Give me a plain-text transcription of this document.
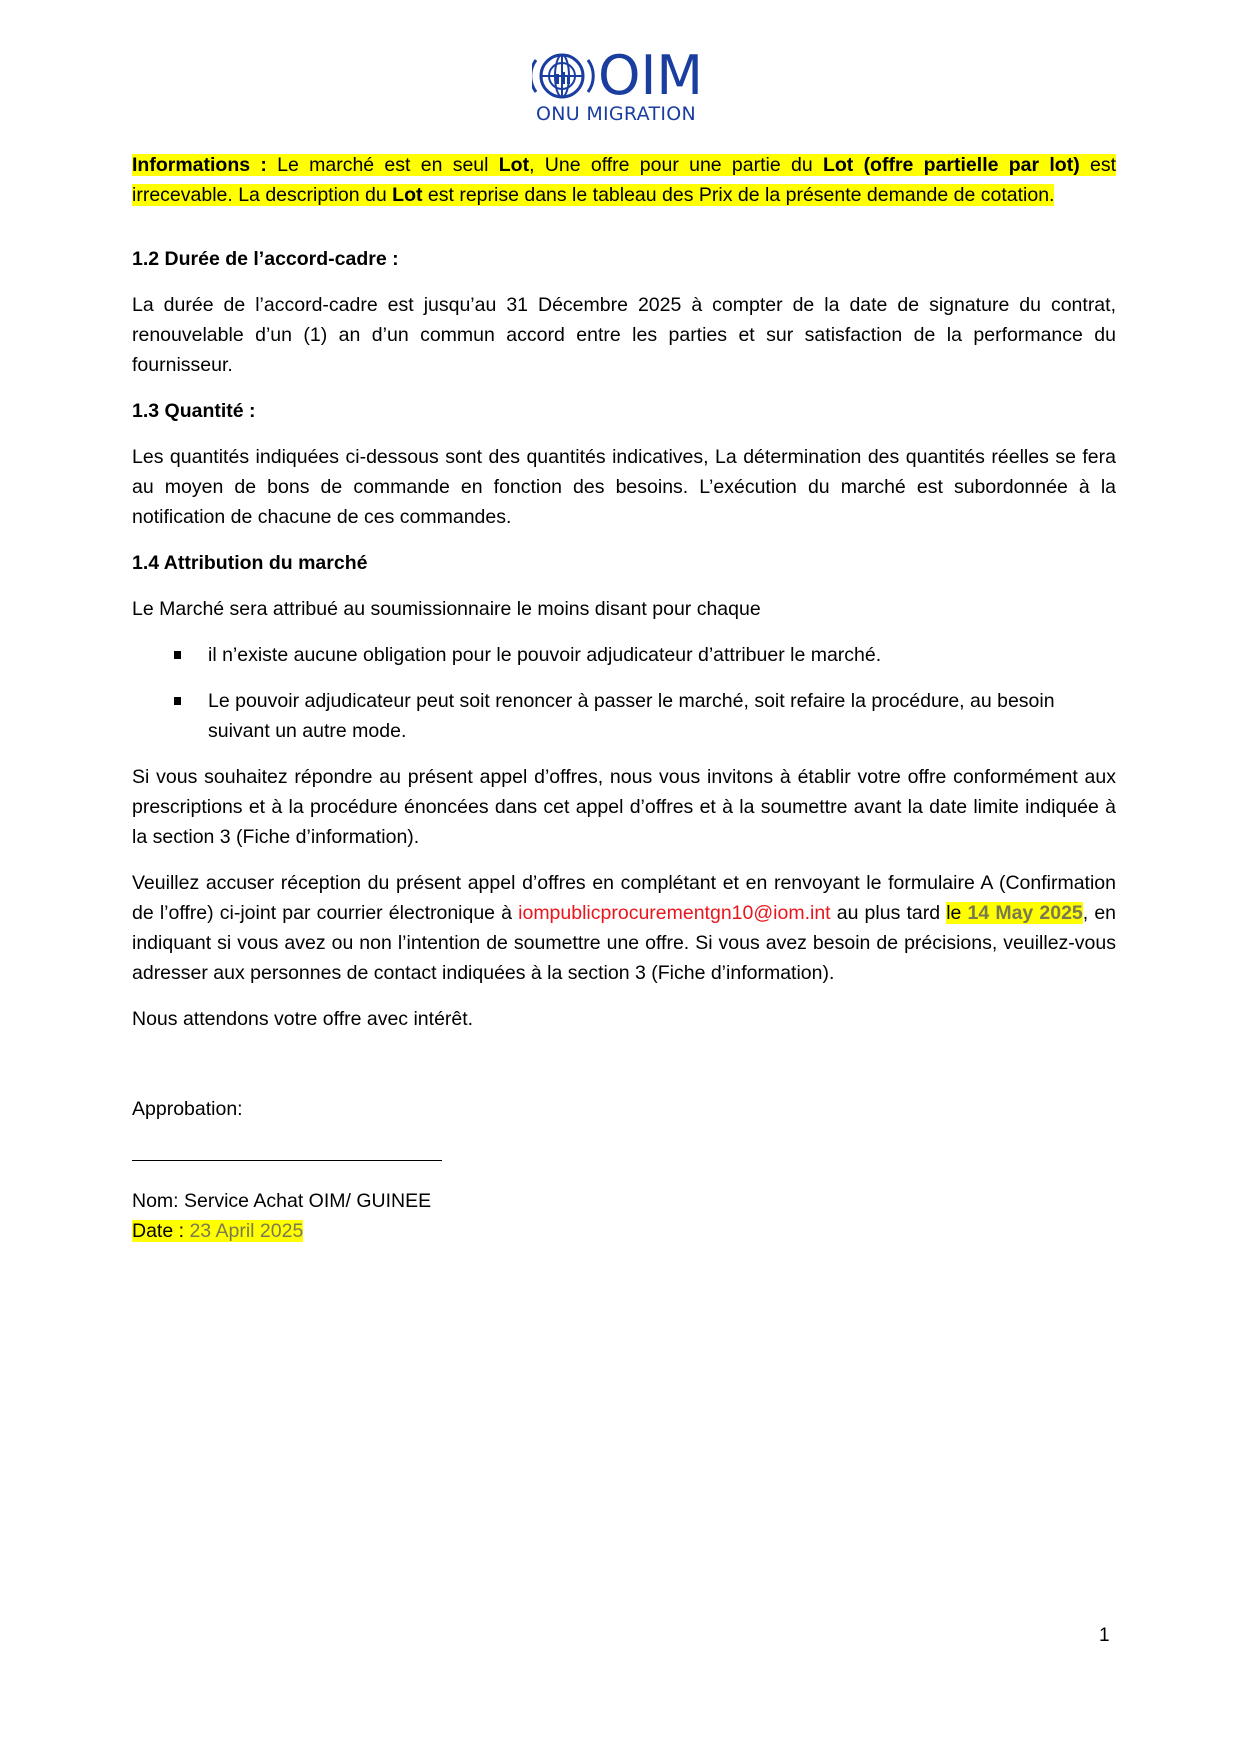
OIM
ONU MIGRATION

Informations : Le marché est en seul Lot, Une offre pour une partie du Lot (offre partielle par lot) est irrecevable. La description du Lot est reprise dans le tableau des Prix de la présente demande de cotation.

1.2 Durée de l’accord-cadre :

La durée de l’accord-cadre est jusqu’au 31 Décembre 2025 à compter de la date de signature du contrat, renouvelable d’un (1) an d’un commun accord entre les parties et sur satisfaction de la performance du fournisseur.

1.3 Quantité :

Les quantités indiquées ci-dessous sont des quantités indicatives, La détermination des quantités réelles se fera au moyen de bons de commande en fonction des besoins. L’exécution du marché est subordonnée à la notification de chacune de ces commandes.

1.4 Attribution du marché

Le Marché sera attribué au soumissionnaire le moins disant pour chaque

il n’existe aucune obligation pour le pouvoir adjudicateur d’attribuer le marché.
Le pouvoir adjudicateur peut soit renoncer à passer le marché, soit refaire la procédure, au besoin suivant un autre mode.

Si vous souhaitez répondre au présent appel d’offres, nous vous invitons à établir votre offre conformément aux prescriptions et à la procédure énoncées dans cet appel d’offres et à la soumettre avant la date limite indiquée à la section 3 (Fiche d’information).

Veuillez accuser réception du présent appel d’offres en complétant et en renvoyant le formulaire A (Confirmation de l’offre) ci-joint par courrier électronique à iompublicprocurementgn10@iom.int au plus tard le 14 May 2025, en indiquant si vous avez ou non l’intention de soumettre une offre. Si vous avez besoin de précisions, veuillez-vous adresser aux personnes de contact indiquées à la section 3 (Fiche d’information).

Nous attendons votre offre avec intérêt.

Approbation:

Nom: Service Achat OIM/ GUINEE

Date : 23 April 2025

1
